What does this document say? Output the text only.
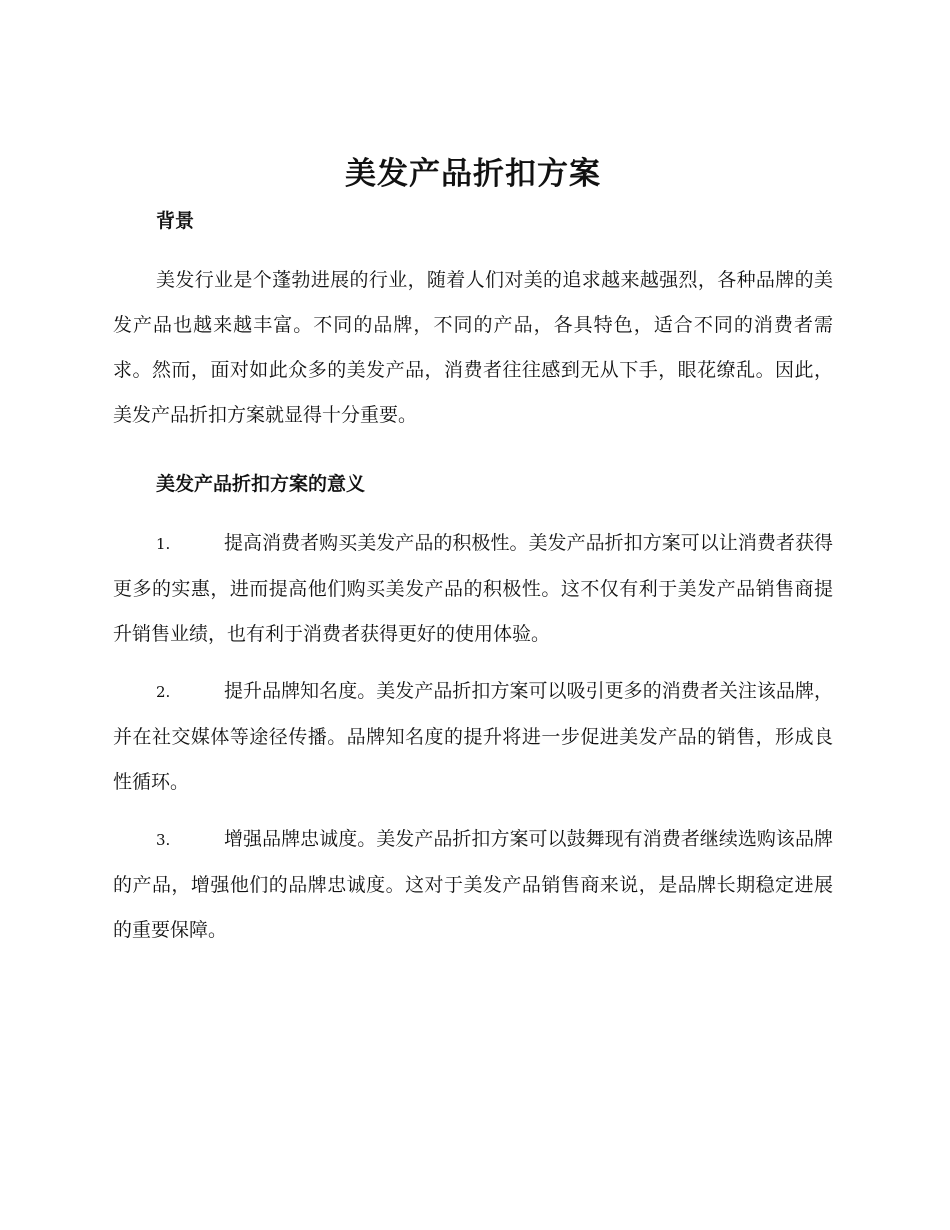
美发产品折扣方案
背景

美发行业是个蓬勃进展的行业，随着人们对美的追求越来越强烈，各种品牌的美发产品也越来越丰富。不同的品牌，不同的产品，各具特色，适合不同的消费者需求。然而，面对如此众多的美发产品，消费者往往感到无从下手，眼花缭乱。因此，美发产品折扣方案就显得十分重要。

美发产品折扣方案的意义

1.	提高消费者购买美发产品的积极性。美发产品折扣方案可以让消费者获得更多的实惠，进而提高他们购买美发产品的积极性。这不仅有利于美发产品销售商提升销售业绩，也有利于消费者获得更好的使用体验。

2.	提升品牌知名度。美发产品折扣方案可以吸引更多的消费者关注该品牌，并在社交媒体等途径传播。品牌知名度的提升将进一步促进美发产品的销售，形成良性循环。

3.	增强品牌忠诚度。美发产品折扣方案可以鼓舞现有消费者继续选购该品牌的产品，增强他们的品牌忠诚度。这对于美发产品销售商来说，是品牌长期稳定进展的重要保障。
